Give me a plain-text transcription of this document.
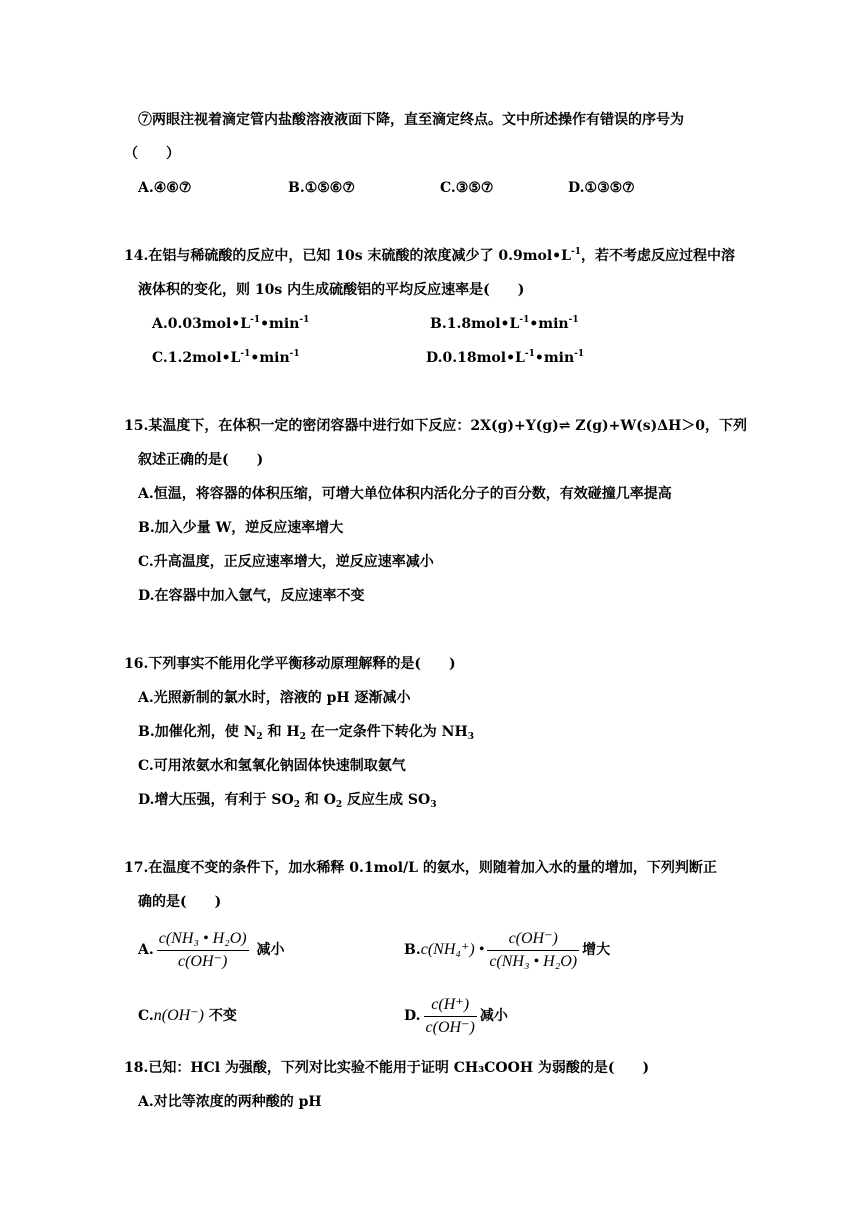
⑦两眼注视着滴定管内盐酸溶液液面下降，直至滴定终点。文中所述操作有错误的序号为
（　　）
A.④⑥⑦	B.①⑤⑥⑦	C.③⑤⑦	D.①③⑤⑦
14.在铝与稀硫酸的反应中，已知 10s 末硫酸的浓度减少了 $0.9mol•L^{-1}$，若不考虑反应过程中溶
液体积的变化，则 10s 内生成硫酸铝的平均反应速率是(　　)
$A.0.03mol•L^{-1}•\min^{-1}$	$B.1.8mol•L^{-1}•\min^{-1}$
$C.1.2mol•L^{-1}•\min^{-1}$	$D.0.18mol•L^{-1}•\min^{-1}$
15.某温度下，在体积一定的密闭容器中进行如下反应：2X(g)+Y(g)⇌ Z(g)+W(s)ΔH＞0，下列
叙述正确的是(　　)
A.恒温，将容器的体积压缩，可增大单位体积内活化分子的百分数，有效碰撞几率提高
B.加入少量 W，逆反应速率增大
C.升高温度，正反应速率增大，逆反应速率减小
D.在容器中加入氩气，反应速率不变
16.下列事实不能用化学平衡移动原理解释的是(　　)
A.光照新制的氯水时，溶液的 pH 逐渐减小
B.加催化剂，使 $N_2$ 和 $H_2$ 在一定条件下转化为 $NH_3$
C.可用浓氨水和氢氧化钠固体快速制取氨气
D.增大压强，有利于 $SO_2$ 和 $O_2$ 反应生成 $SO_3$
17.在温度不变的条件下，加水稀释 0.1mol/L 的氨水，则随着加入水的量的增加，下列判断正
确的是(　　)
A. $\frac{\text{c(NH₃ • H₂O)}}{c(OH^-)}$ 减小	B.c(NH₄⁺) • $\frac{c(OH^-)}{\text{c(NH₃ • H₂O)}}$ 增大
C.n(OH⁻) 不变	D. $\frac{c(H^+)}{c(OH^-)}$ 减小
18.已知：HCl 为强酸，下列对比实验不能用于证明 CH₃COOH 为弱酸的是(　　)
A.对比等浓度的两种酸的 pH
